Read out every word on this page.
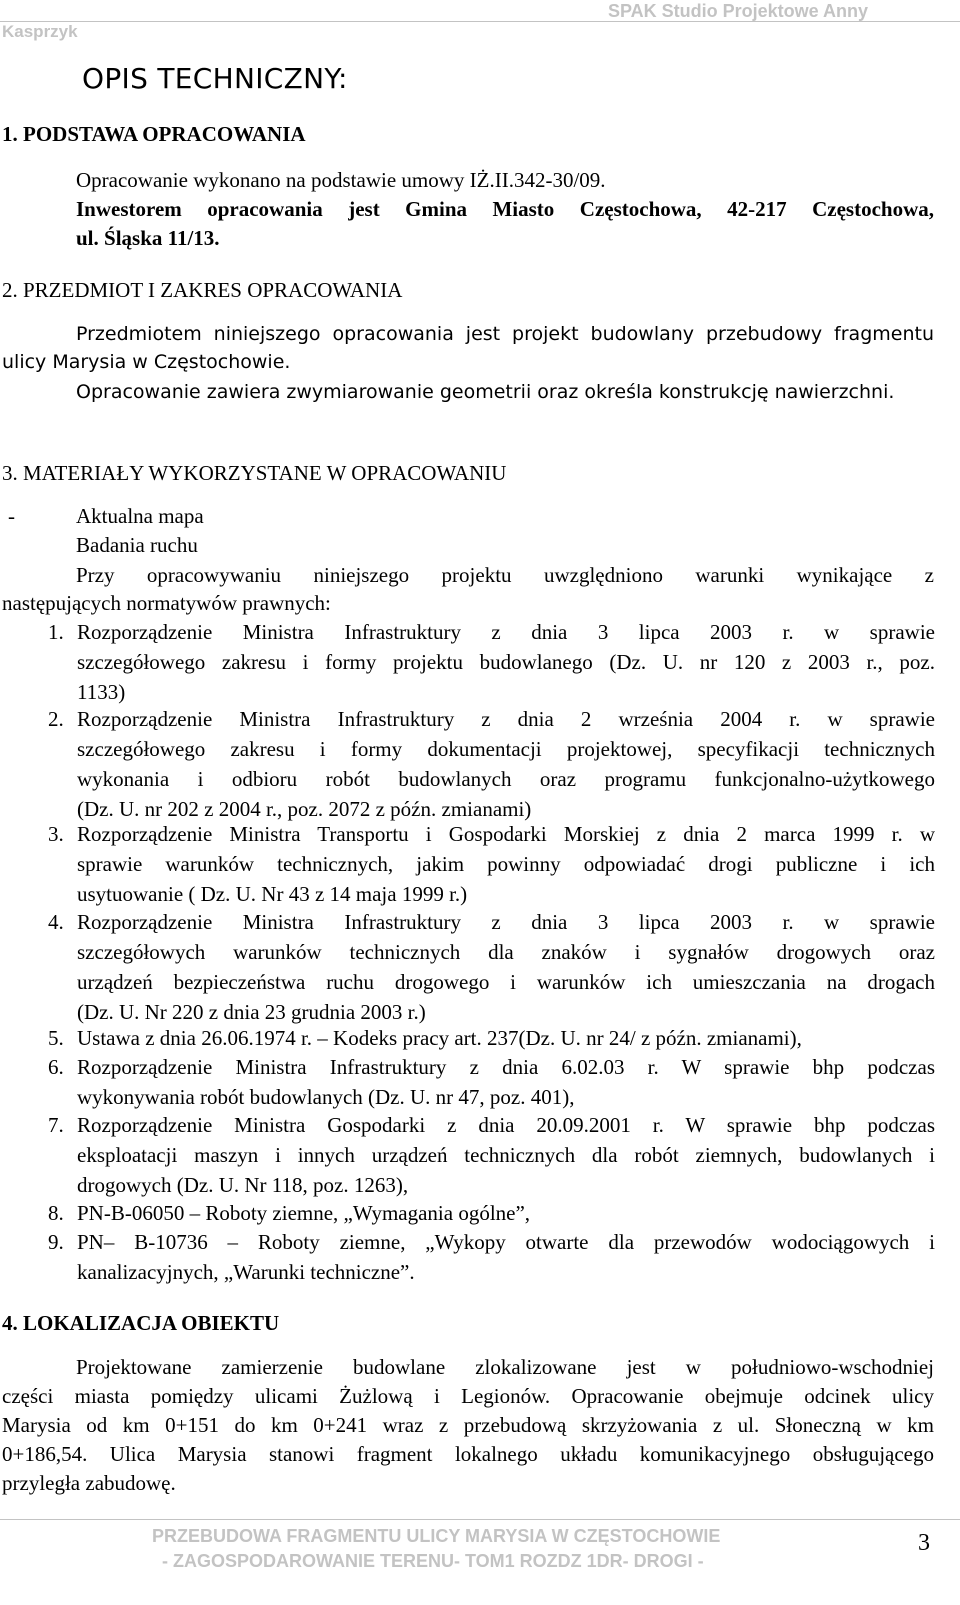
Kasprzyk
SPAK Studio Projektowe Anny
OPIS TECHNICZNY:
1. PODSTAWA OPRACOWANIA
Opracowanie wykonano na podstawie umowy IŻ.II.342-30/09.
Inwestorem opracowania jest Gmina Miasto Częstochowa, 42-217 Częstochowa,
ul. Śląska 11/13.
2. PRZEDMIOT I ZAKRES OPRACOWANIA
Przedmiotem niniejszego opracowania jest projekt budowlany przebudowy fragmentu
ulicy Marysia w Częstochowie.
Opracowanie zawiera zwymiarowanie geometrii oraz określa konstrukcję nawierzchni.
3. MATERIAŁY WYKORZYSTANE W OPRACOWANIU
-	Aktualna mapa
Badania ruchu
Przy opracowywaniu niniejszego projektu uwzględniono warunki wynikające z
następujących normatywów prawnych:
1. Rozporządzenie Ministra Infrastruktury z dnia 3 lipca 2003 r. w sprawie
szczegółowego zakresu i formy projektu budowlanego (Dz. U. nr 120 z 2003 r., poz.
1133)
2. Rozporządzenie Ministra Infrastruktury z dnia 2 września 2004 r. w sprawie
szczegółowego zakresu i formy dokumentacji projektowej, specyfikacji technicznych
wykonania i odbioru robót budowlanych oraz programu funkcjonalno-użytkowego
(Dz. U. nr 202 z 2004 r., poz. 2072 z późn. zmianami)
3. Rozporządzenie Ministra Transportu i Gospodarki Morskiej z dnia 2 marca 1999 r. w
sprawie warunków technicznych, jakim powinny odpowiadać drogi publiczne i ich
usytuowanie ( Dz. U. Nr 43 z 14 maja 1999 r.)
4. Rozporządzenie Ministra Infrastruktury z dnia 3 lipca 2003 r. w sprawie
szczegółowych warunków technicznych dla znaków i sygnałów drogowych oraz
urządzeń bezpieczeństwa ruchu drogowego i warunków ich umieszczania na drogach
(Dz. U. Nr 220 z dnia 23 grudnia 2003 r.)
5. Ustawa z dnia 26.06.1974 r. – Kodeks pracy art. 237(Dz. U. nr 24/ z późn. zmianami),
6. Rozporządzenie Ministra Infrastruktury z dnia 6.02.03 r. W sprawie bhp podczas
wykonywania robót budowlanych (Dz. U. nr 47, poz. 401),
7. Rozporządzenie Ministra Gospodarki z dnia 20.09.2001 r. W sprawie bhp podczas
eksploatacji maszyn i innych urządzeń technicznych dla robót ziemnych, budowlanych i
drogowych (Dz. U. Nr 118, poz. 1263),
8. PN-B-06050 – Roboty ziemne, „Wymagania ogólne”,
9. PN– B-10736 – Roboty ziemne, „Wykopy otwarte dla przewodów wodociągowych i
kanalizacyjnych, „Warunki techniczne”.
4. LOKALIZACJA OBIEKTU
Projektowane zamierzenie budowlane zlokalizowane jest w południowo-wschodniej
części miasta pomiędzy ulicami Żużlową i Legionów. Opracowanie obejmuje odcinek ulicy
Marysia od km 0+151 do km 0+241 wraz z przebudową skrzyżowania z ul. Słoneczną w km
0+186,54. Ulica Marysia stanowi fragment lokalnego układu komunikacyjnego obsługującego
przyległa zabudowę.
PRZEBUDOWA FRAGMENTU ULICY MARYSIA W CZĘSTOCHOWIE
- ZAGOSPODAROWANIE TERENU- TOM1 ROZDZ 1DR- DROGI -
3
